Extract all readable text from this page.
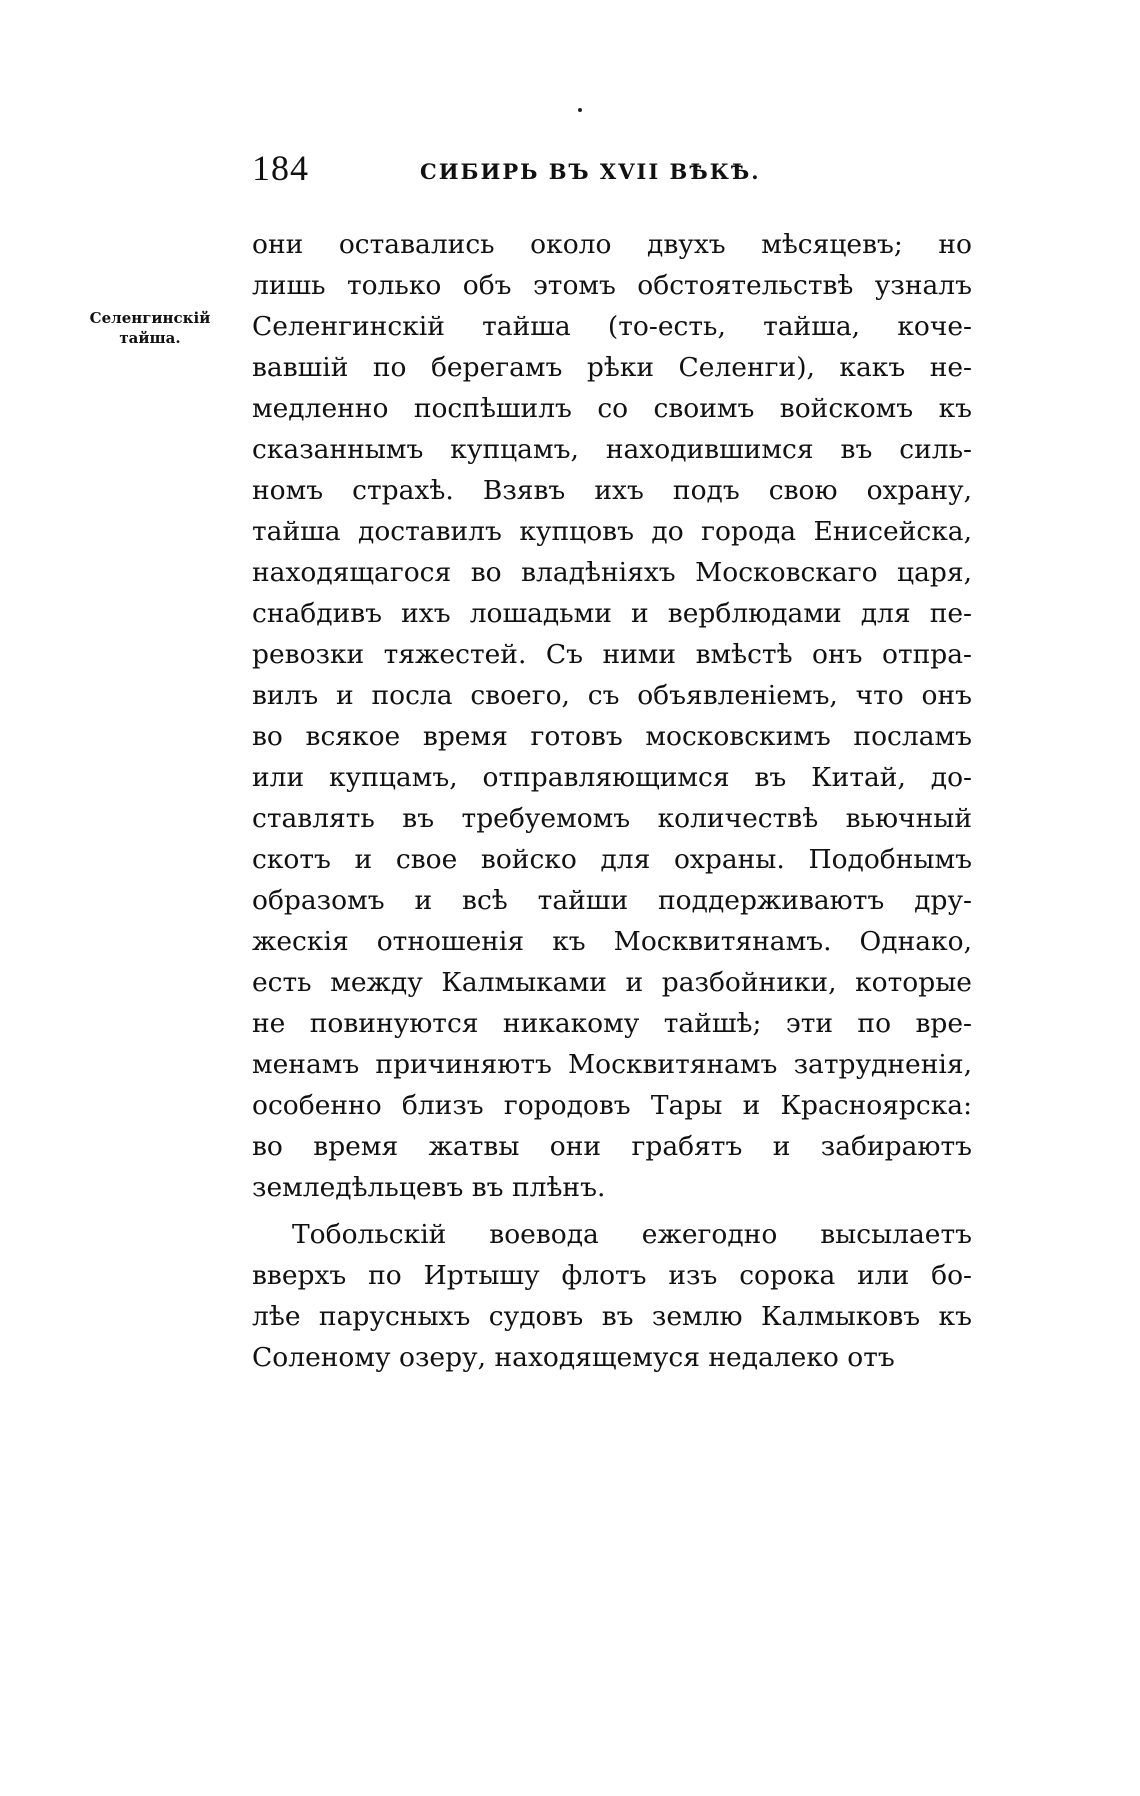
184	СИБИРЬ ВЪ XVII ВѢКѢ.
Селенгинскій
тайша.
они оставались около двухъ мѣсяцевъ; но
лишь только объ этомъ обстоятельствѣ узналъ
Селенгинскій тайша (то-есть, тайша, коче-
вавшій по берегамъ рѣки Селенги), какъ не-
медленно поспѣшилъ со своимъ войскомъ къ
сказаннымъ купцамъ, находившимся въ силь-
номъ страхѣ. Взявъ ихъ подъ свою охрану,
тайша доставилъ купцовъ до города Енисейска,
находящагося во владѣніяхъ Московскаго царя,
снабдивъ ихъ лошадьми и верблюдами для пе-
ревозки тяжестей. Съ ними вмѣстѣ онъ отпра-
вилъ и посла своего, съ объявленіемъ, что онъ
во всякое время готовъ московскимъ посламъ
или купцамъ, отправляющимся въ Китай, до-
ставлять въ требуемомъ количествѣ вьючный
скотъ и свое войско для охраны. Подобнымъ
образомъ и всѣ тайши поддерживаютъ дру-
жескія отношенія къ Москвитянамъ. Однако,
есть между Калмыками и разбойники, которые
не повинуются никакому тайшѣ; эти по вре-
менамъ причиняютъ Москвитянамъ затрудненія,
особенно близъ городовъ Тары и Красноярска:
во время жатвы они грабятъ и забираютъ
земледѣльцевъ въ плѣнъ.
Тобольскій воевода ежегодно высылаетъ
вверхъ по Иртышу флотъ изъ сорока или бо-
лѣе парусныхъ судовъ въ землю Калмыковъ къ
Соленому озеру, находящемуся недалеко отъ
